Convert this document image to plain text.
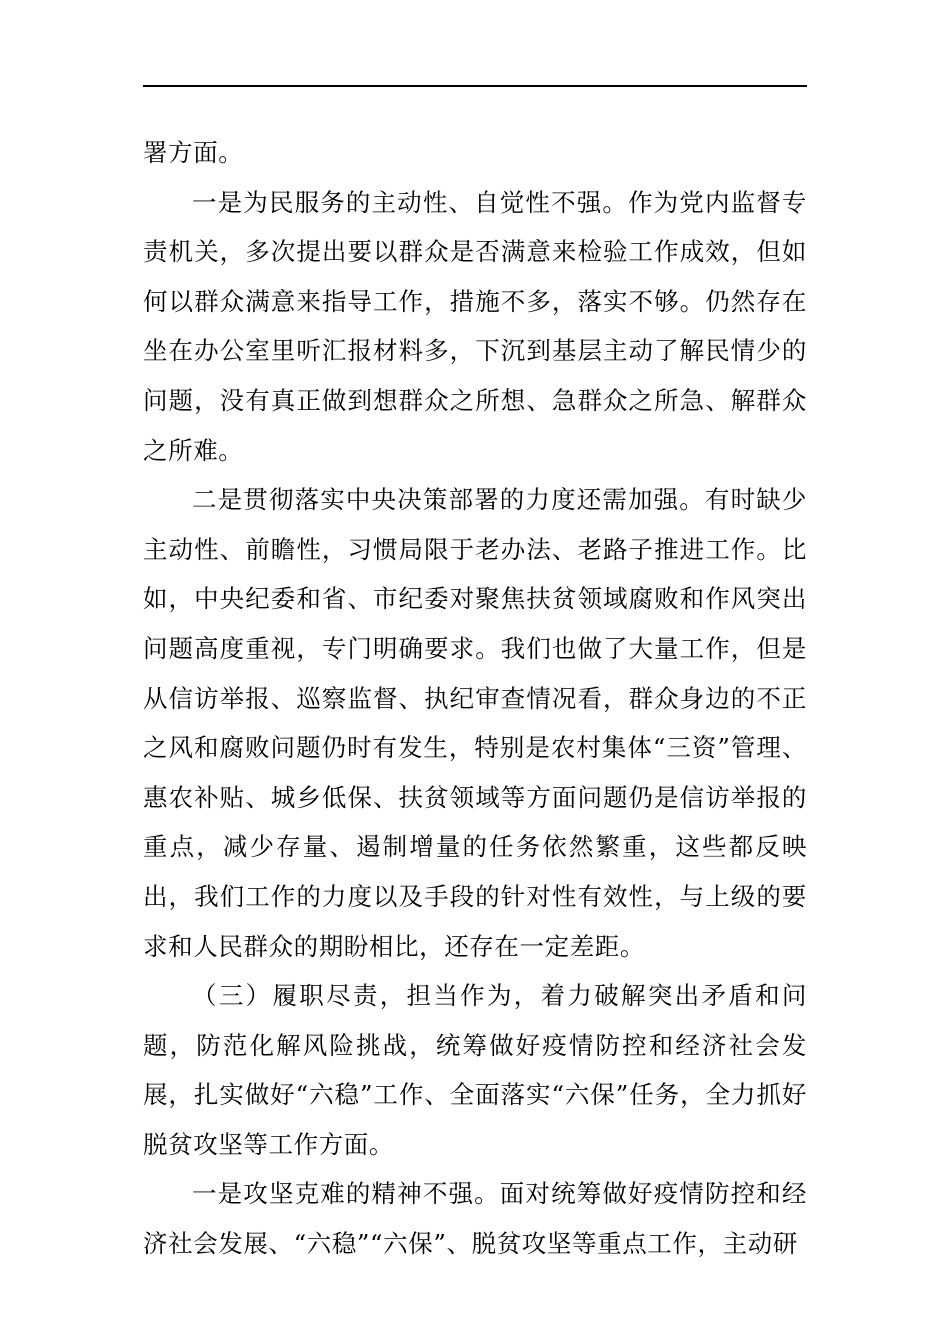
署方面。

一是为民服务的主动性、自觉性不强。作为党内监督专责机关，多次提出要以群众是否满意来检验工作成效，但如何以群众满意来指导工作，措施不多，落实不够。仍然存在坐在办公室里听汇报材料多，下沉到基层主动了解民情少的问题，没有真正做到想群众之所想、急群众之所急、解群众之所难。

二是贯彻落实中央决策部署的力度还需加强。有时缺少主动性、前瞻性，习惯局限于老办法、老路子推进工作。比如，中央纪委和省、市纪委对聚焦扶贫领域腐败和作风突出问题高度重视，专门明确要求。我们也做了大量工作，但是从信访举报、巡察监督、执纪审查情况看，群众身边的不正之风和腐败问题仍时有发生，特别是农村集体“三资”管理、惠农补贴、城乡低保、扶贫领域等方面问题仍是信访举报的重点，减少存量、遏制增量的任务依然繁重，这些都反映出，我们工作的力度以及手段的针对性有效性，与上级的要求和人民群众的期盼相比，还存在一定差距。

（三）履职尽责，担当作为，着力破解突出矛盾和问题，防范化解风险挑战，统筹做好疫情防控和经济社会发展，扎实做好“六稳”工作、全面落实“六保”任务，全力抓好脱贫攻坚等工作方面。

一是攻坚克难的精神不强。面对统筹做好疫情防控和经济社会发展、“六稳”“六保”、脱贫攻坚等重点工作，主动研
